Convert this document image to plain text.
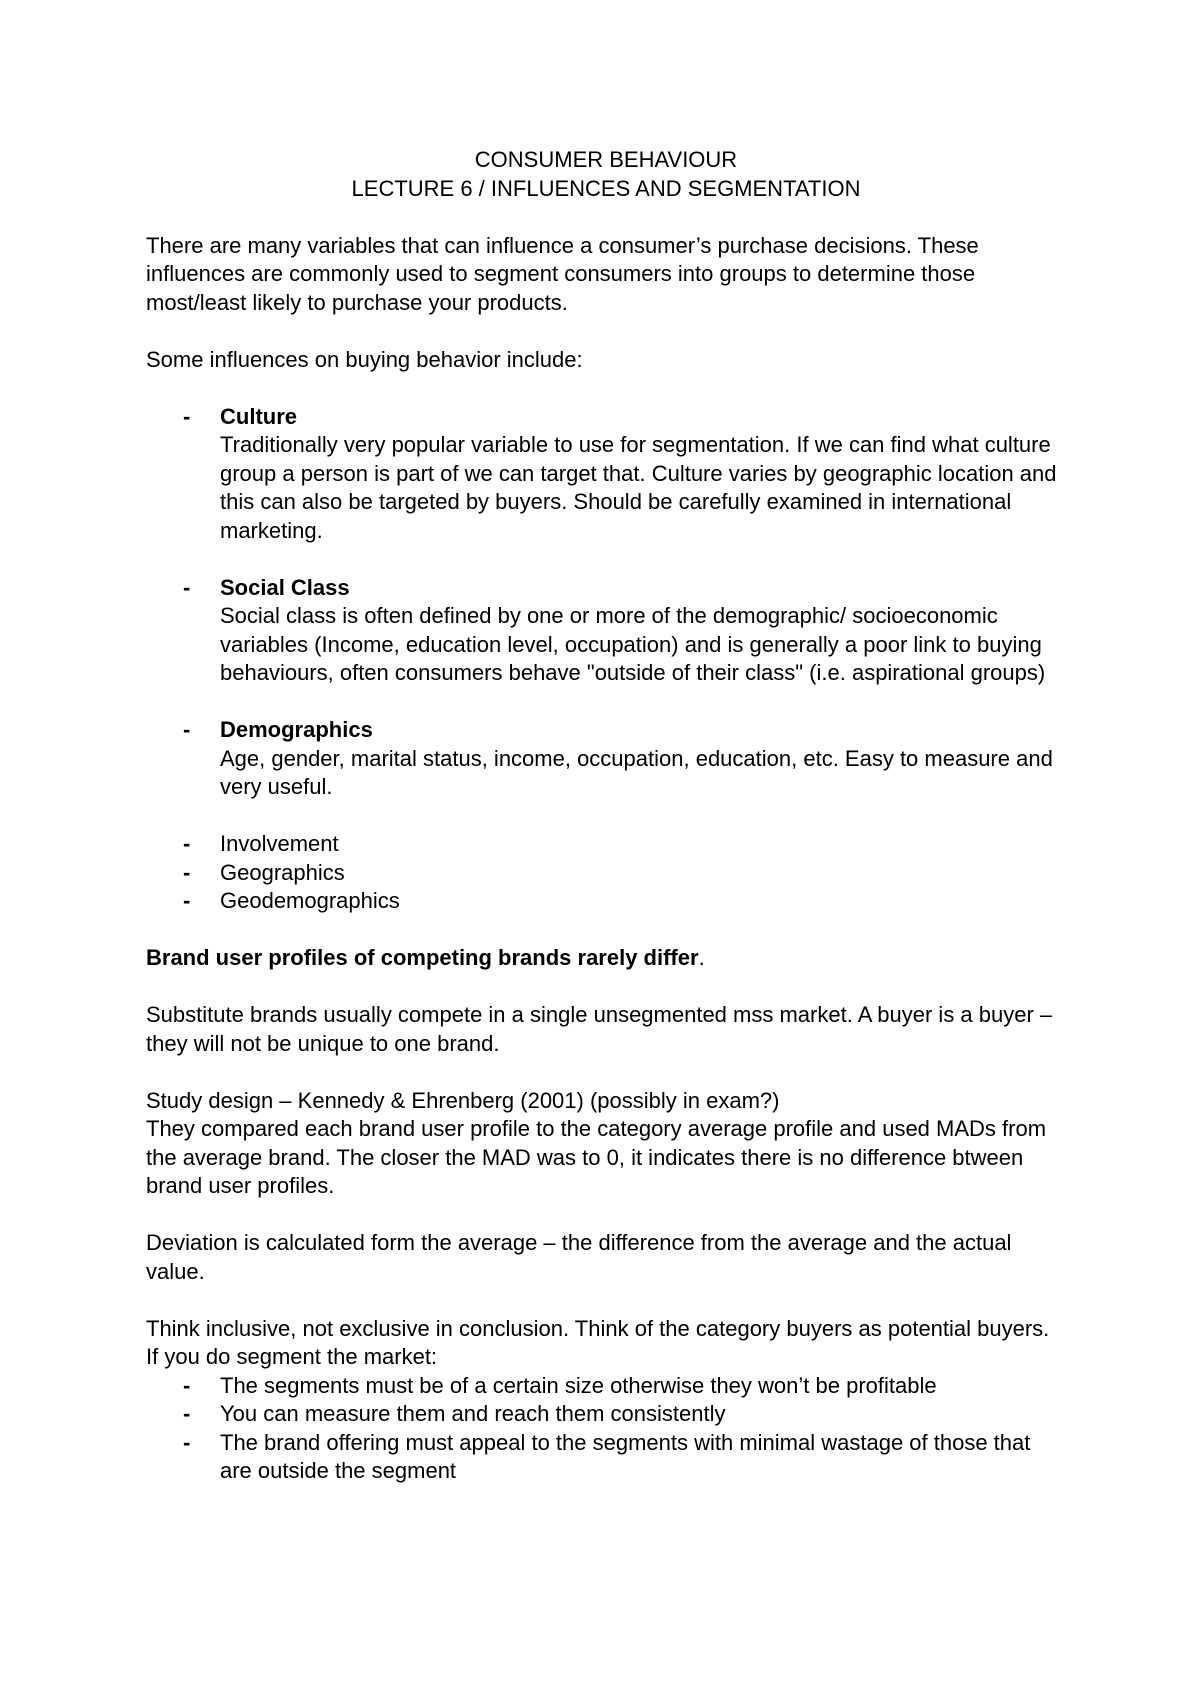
CONSUMER BEHAVIOUR
LECTURE 6 / INFLUENCES AND SEGMENTATION

There are many variables that can influence a consumer’s purchase decisions. These influences are commonly used to segment consumers into groups to determine those most/least likely to purchase your products.

Some influences on buying behavior include:

- Culture
Traditionally very popular variable to use for segmentation. If we can find what culture group a person is part of we can target that. Culture varies by geographic location and this can also be targeted by buyers. Should be carefully examined in international marketing.
- Social Class
Social class is often defined by one or more of the demographic/ socioeconomic variables (Income, education level, occupation) and is generally a poor link to buying behaviours, often consumers behave "outside of their class" (i.e. aspirational groups)
- Demographics
Age, gender, marital status, income, occupation, education, etc. Easy to measure and very useful.
- Involvement
- Geographics
- Geodemographics

Brand user profiles of competing brands rarely differ.

Substitute brands usually compete in a single unsegmented mss market. A buyer is a buyer – they will not be unique to one brand.

Study design – Kennedy & Ehrenberg (2001) (possibly in exam?)

They compared each brand user profile to the category average profile and used MADs from the average brand. The closer the MAD was to 0, it indicates there is no difference btween brand user profiles.

Deviation is calculated form the average – the difference from the average and the actual value.

Think inclusive, not exclusive in conclusion. Think of the category buyers as potential buyers. If you do segment the market:

- The segments must be of a certain size otherwise they won’t be profitable
- You can measure them and reach them consistently
- The brand offering must appeal to the segments with minimal wastage of those that are outside the segment
